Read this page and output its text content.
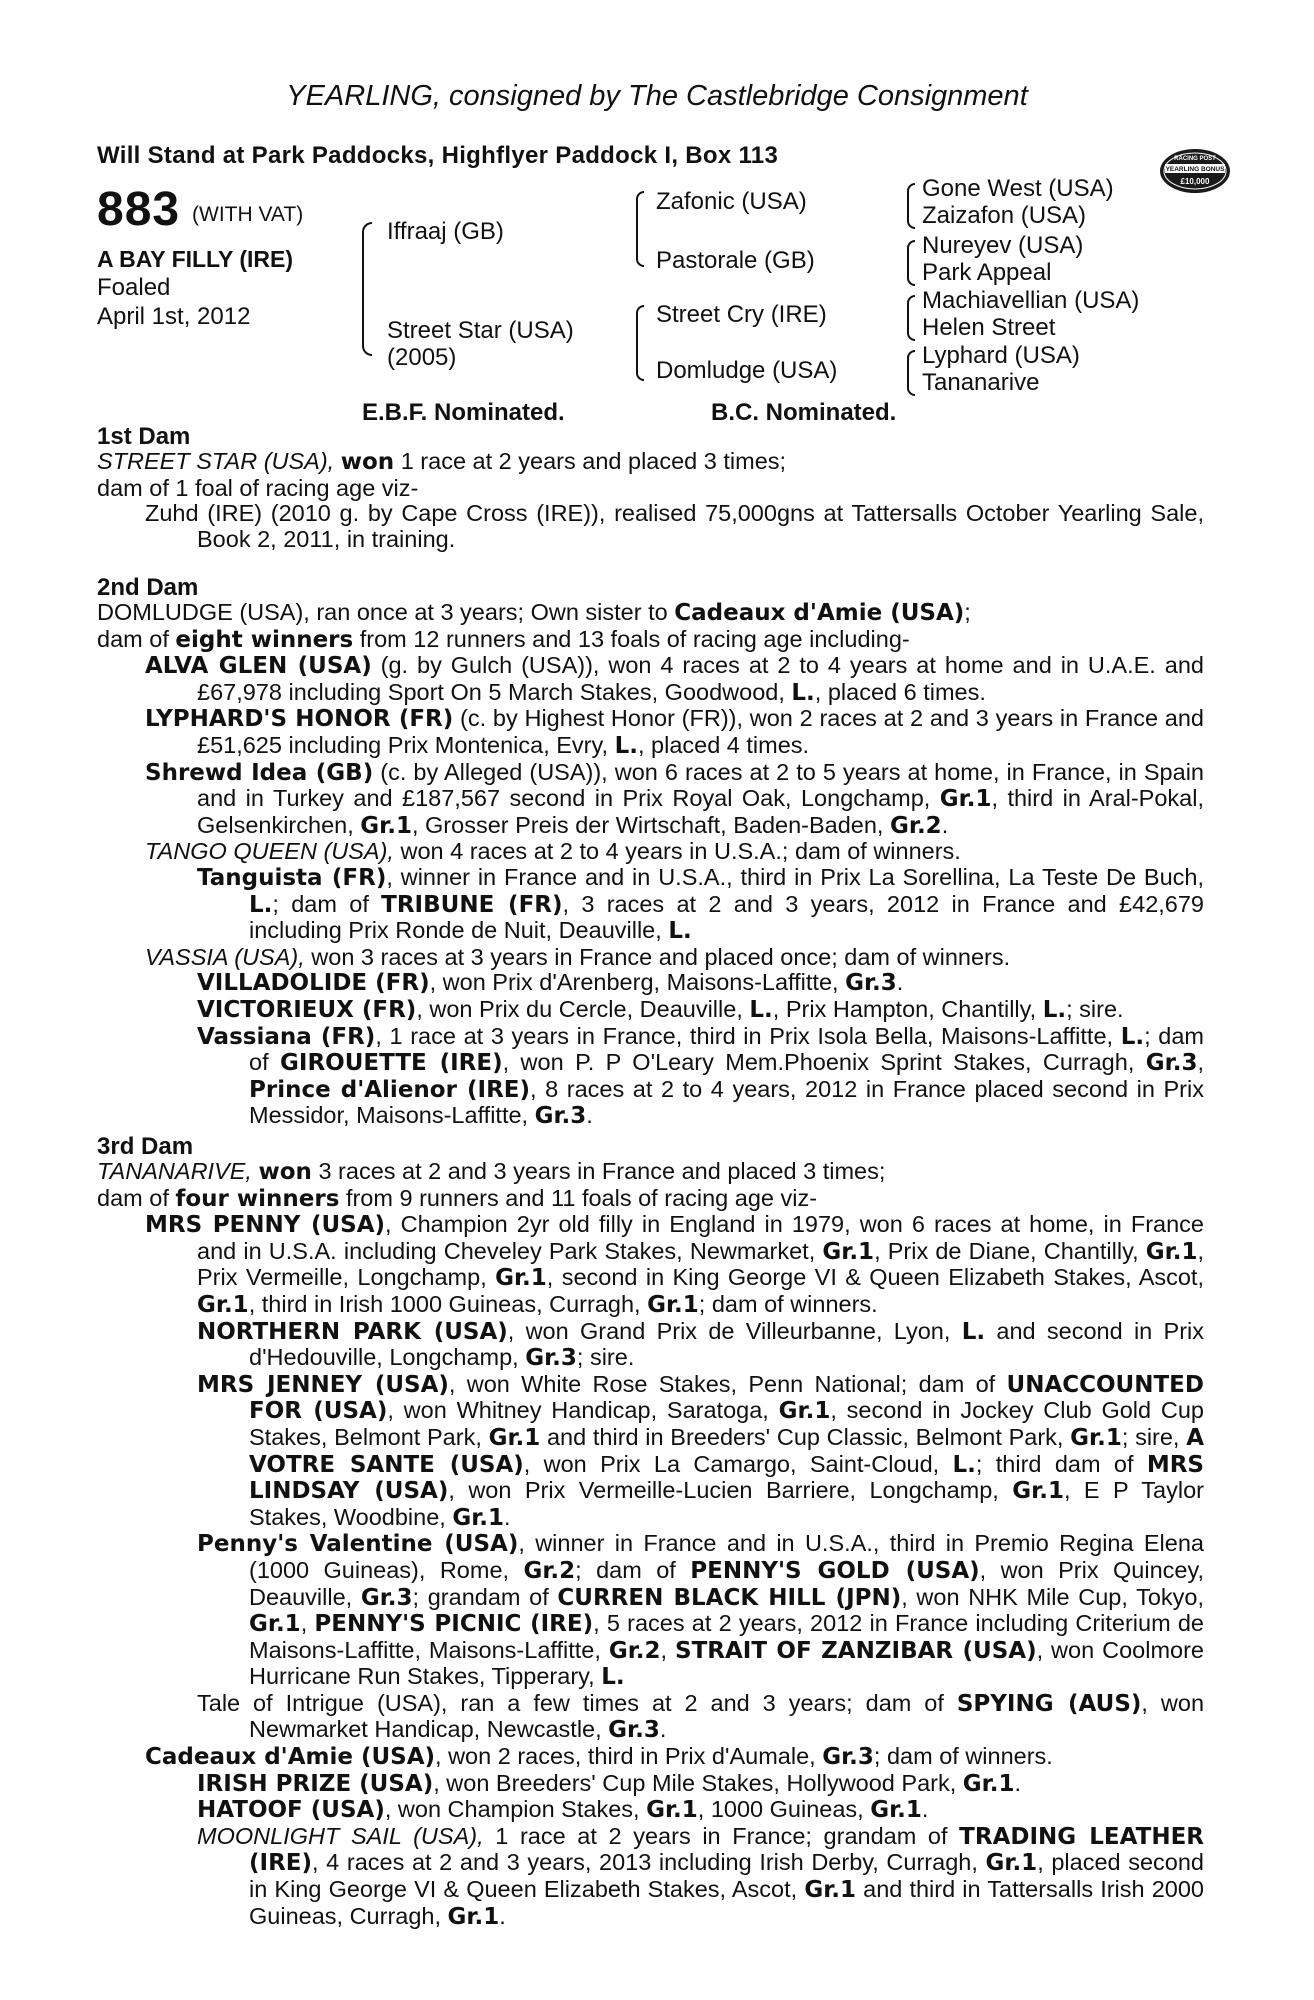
YEARLING, consigned by The Castlebridge Consignment
Will Stand at Park Paddocks, Highflyer Paddock I, Box 113	RACING POST
YEARLING BONUS
£10,000
883 (WITH VAT)
A BAY FILLY (IRE)
Foaled
April 1st, 2012
Iffraaj (GB)
Street Star (USA)
(2005)
Zafonic (USA)
Pastorale (GB)
Street Cry (IRE)
Domludge (USA)
Gone West (USA)
Zaizafon (USA)
Nureyev (USA)
Park Appeal
Machiavellian (USA)
Helen Street
Lyphard (USA)
Tananarive
E.B.F. Nominated.	B.C. Nominated.
1st Dam

STREET STAR (USA), won 1 race at 2 years and placed 3 times;

dam of 1 foal of racing age viz-

Zuhd (IRE) (2010 g. by Cape Cross (IRE)), realised 75,000gns at Tattersalls October Yearling Sale, Book 2, 2011, in training.

2nd Dam

DOMLUDGE (USA), ran once at 3 years; Own sister to Cadeaux d'Amie (USA);

dam of eight winners from 12 runners and 13 foals of racing age including-

ALVA GLEN (USA) (g. by Gulch (USA)), won 4 races at 2 to 4 years at home and in U.A.E. and £67,978 including Sport On 5 March Stakes, Goodwood, L., placed 6 times.

LYPHARD'S HONOR (FR) (c. by Highest Honor (FR)), won 2 races at 2 and 3 years in France and £51,625 including Prix Montenica, Evry, L., placed 4 times.

Shrewd Idea (GB) (c. by Alleged (USA)), won 6 races at 2 to 5 years at home, in France, in Spain and in Turkey and £187,567 second in Prix Royal Oak, Longchamp, Gr.1, third in Aral-Pokal, Gelsenkirchen, Gr.1, Grosser Preis der Wirtschaft, Baden-Baden, Gr.2.

TANGO QUEEN (USA), won 4 races at 2 to 4 years in U.S.A.; dam of winners.

Tanguista (FR), winner in France and in U.S.A., third in Prix La Sorellina, La Teste De Buch, L.; dam of TRIBUNE (FR), 3 races at 2 and 3 years, 2012 in France and £42,679 including Prix Ronde de Nuit, Deauville, L.

VASSIA (USA), won 3 races at 3 years in France and placed once; dam of winners.

VILLADOLIDE (FR), won Prix d'Arenberg, Maisons-Laffitte, Gr.3.

VICTORIEUX (FR), won Prix du Cercle, Deauville, L., Prix Hampton, Chantilly, L.; sire.

Vassiana (FR), 1 race at 3 years in France, third in Prix Isola Bella, Maisons-Laffitte, L.; dam of GIROUETTE (IRE), won P. P O'Leary Mem.Phoenix Sprint Stakes, Curragh, Gr.3, Prince d'Alienor (IRE), 8 races at 2 to 4 years, 2012 in France placed second in Prix Messidor, Maisons-Laffitte, Gr.3.

3rd Dam

TANANARIVE, won 3 races at 2 and 3 years in France and placed 3 times;

dam of four winners from 9 runners and 11 foals of racing age viz-

MRS PENNY (USA), Champion 2yr old filly in England in 1979, won 6 races at home, in France and in U.S.A. including Cheveley Park Stakes, Newmarket, Gr.1, Prix de Diane, Chantilly, Gr.1, Prix Vermeille, Longchamp, Gr.1, second in King George VI & Queen Elizabeth Stakes, Ascot, Gr.1, third in Irish 1000 Guineas, Curragh, Gr.1; dam of winners.

NORTHERN PARK (USA), won Grand Prix de Villeurbanne, Lyon, L. and second in Prix d'Hedouville, Longchamp, Gr.3; sire.

MRS JENNEY (USA), won White Rose Stakes, Penn National; dam of UNACCOUNTED FOR (USA), won Whitney Handicap, Saratoga, Gr.1, second in Jockey Club Gold Cup Stakes, Belmont Park, Gr.1 and third in Breeders' Cup Classic, Belmont Park, Gr.1; sire, A VOTRE SANTE (USA), won Prix La Camargo, Saint-Cloud, L.; third dam of MRS LINDSAY (USA), won Prix Vermeille-Lucien Barriere, Longchamp, Gr.1, E P Taylor Stakes, Woodbine, Gr.1.

Penny's Valentine (USA), winner in France and in U.S.A., third in Premio Regina Elena (1000 Guineas), Rome, Gr.2; dam of PENNY'S GOLD (USA), won Prix Quincey, Deauville, Gr.3; grandam of CURREN BLACK HILL (JPN), won NHK Mile Cup, Tokyo, Gr.1, PENNY'S PICNIC (IRE), 5 races at 2 years, 2012 in France including Criterium de Maisons-Laffitte, Maisons-Laffitte, Gr.2, STRAIT OF ZANZIBAR (USA), won Coolmore Hurricane Run Stakes, Tipperary, L.

Tale of Intrigue (USA), ran a few times at 2 and 3 years; dam of SPYING (AUS), won Newmarket Handicap, Newcastle, Gr.3.

Cadeaux d'Amie (USA), won 2 races, third in Prix d'Aumale, Gr.3; dam of winners.

IRISH PRIZE (USA), won Breeders' Cup Mile Stakes, Hollywood Park, Gr.1.

HATOOF (USA), won Champion Stakes, Gr.1, 1000 Guineas, Gr.1.

MOONLIGHT SAIL (USA), 1 race at 2 years in France; grandam of TRADING LEATHER (IRE), 4 races at 2 and 3 years, 2013 including Irish Derby, Curragh, Gr.1, placed second in King George VI & Queen Elizabeth Stakes, Ascot, Gr.1 and third in Tattersalls Irish 2000 Guineas, Curragh, Gr.1.
